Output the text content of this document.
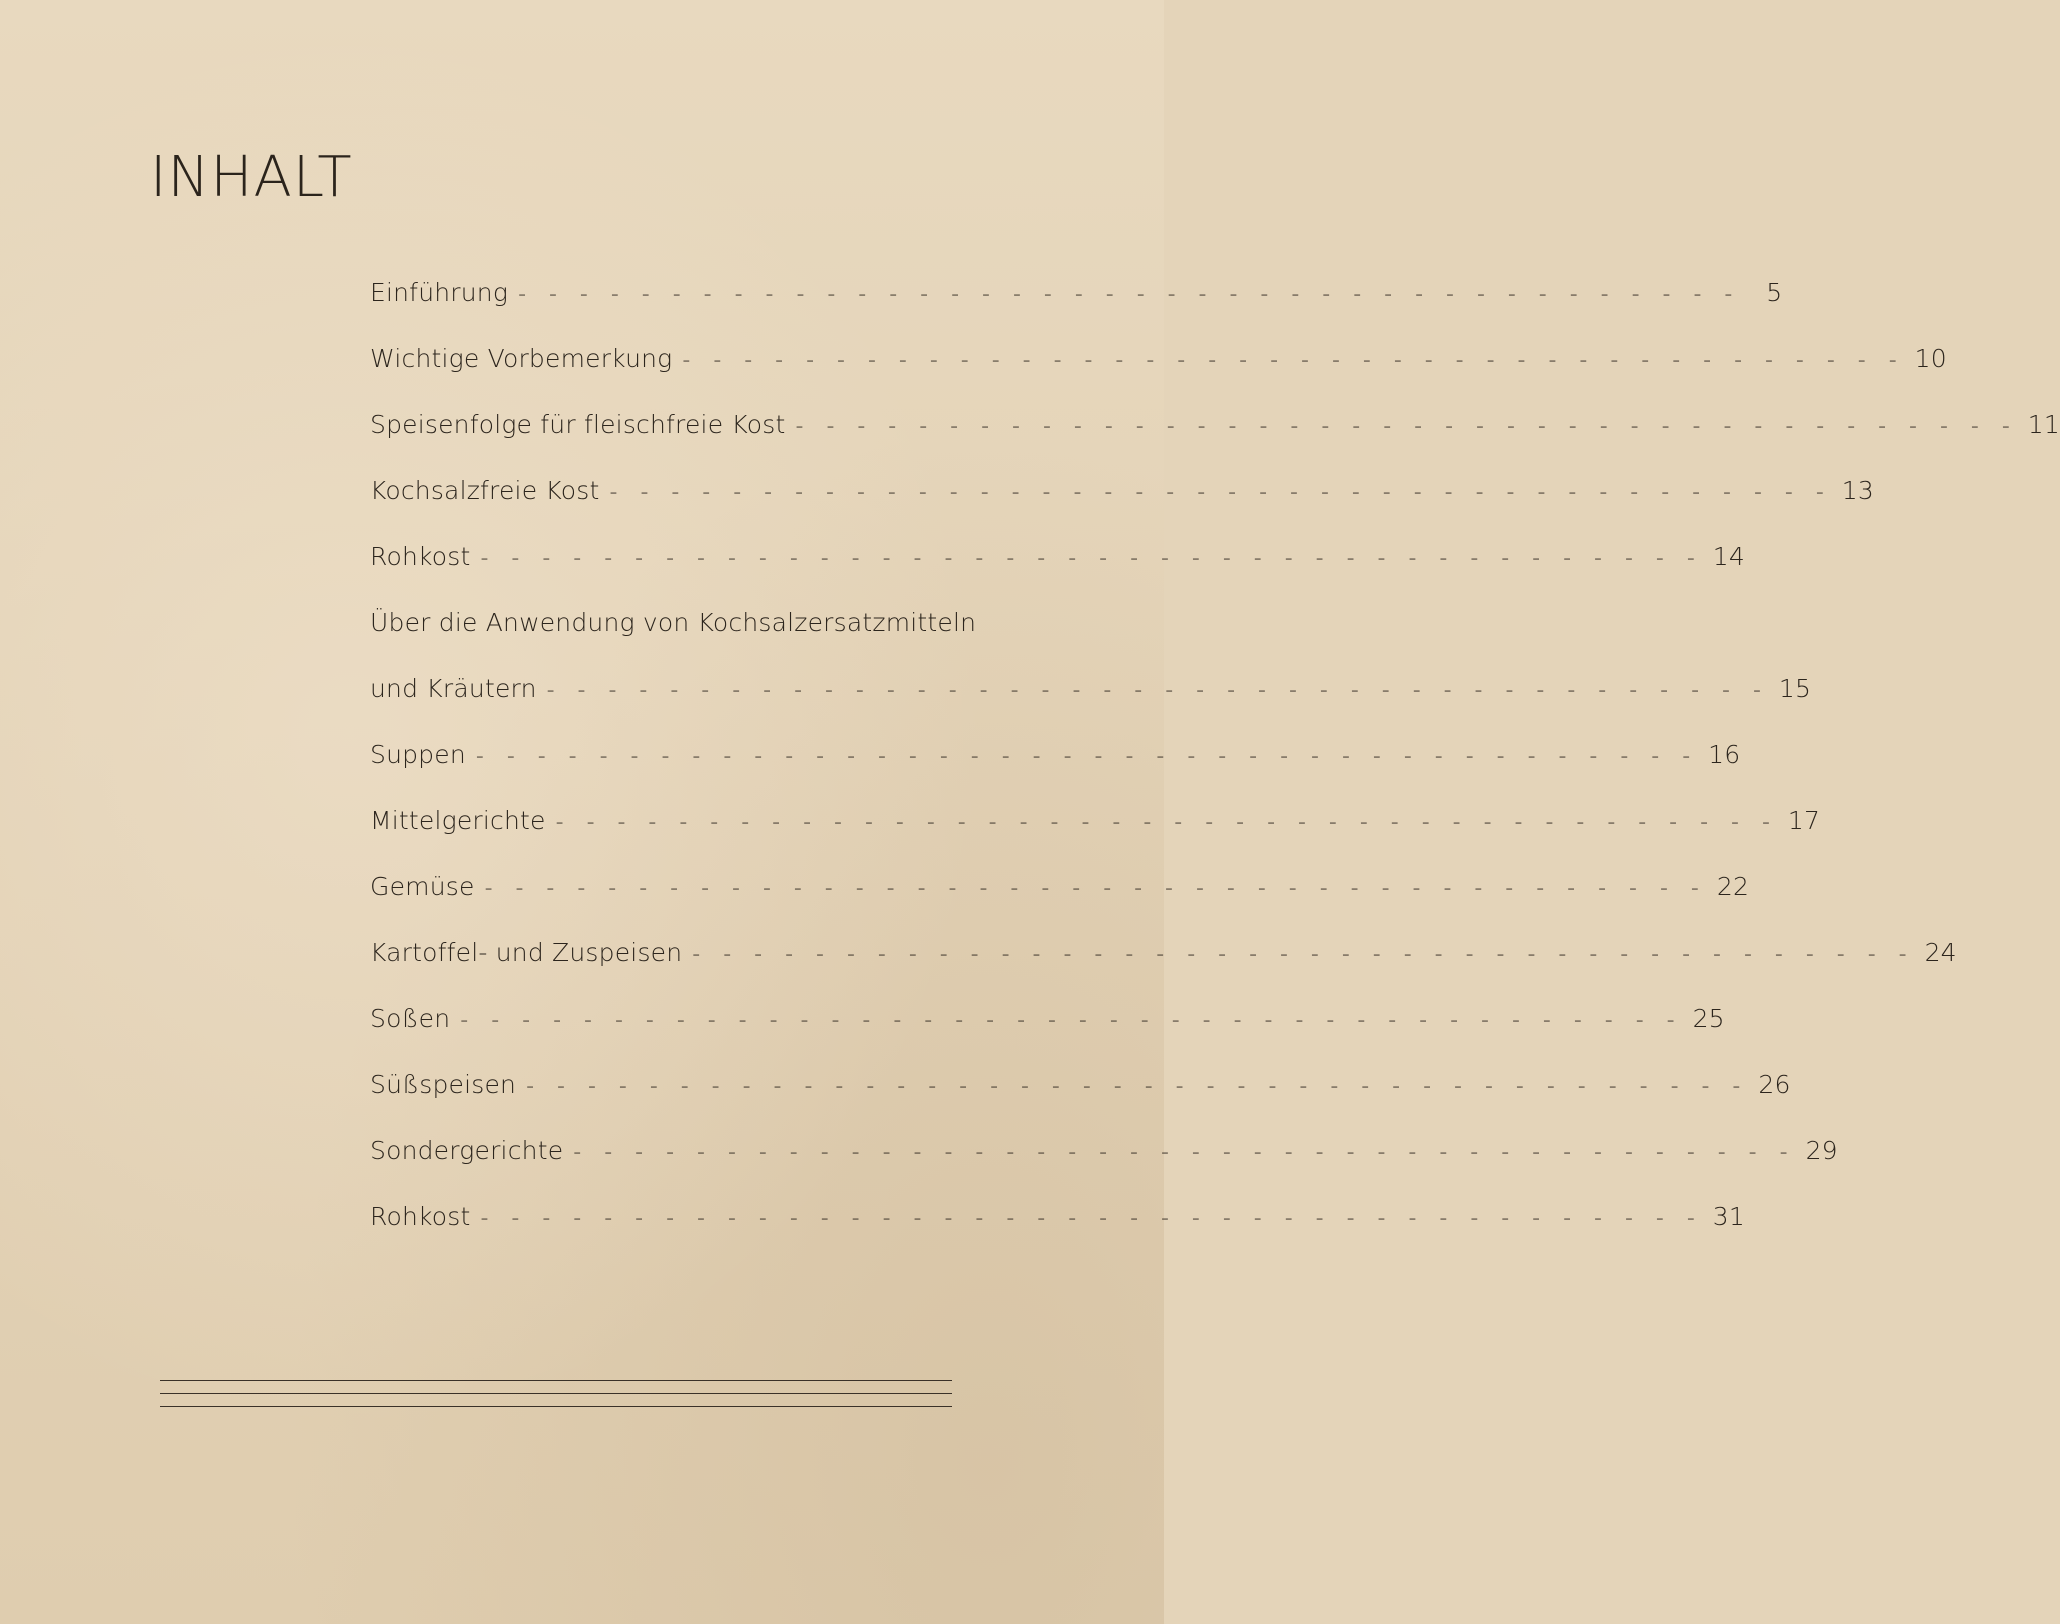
INHALT
Einführung - - - - - - - - - - - - - - - - - - - - - - - - - - - - - - - - - - - - - - - -	5
Wichtige Vorbemerkung - - - - - - - - - - - - - - - - - - - - - - - - - - - - - - - - - - - - - - - - 10
Speisenfolge für fleischfreie Kost - - - - - - - - - - - - - - - - - - - - - - - - - - - - - - - - - - - - - - - - 11
Kochsalzfreie Kost - - - - - - - - - - - - - - - - - - - - - - - - - - - - - - - - - - - - - - - - 13
Rohkost - - - - - - - - - - - - - - - - - - - - - - - - - - - - - - - - - - - - - - - - 14
Über die Anwendung von Kochsalzersatzmitteln
und Kräutern - - - - - - - - - - - - - - - - - - - - - - - - - - - - - - - - - - - - - - - - 15
Suppen - - - - - - - - - - - - - - - - - - - - - - - - - - - - - - - - - - - - - - - - 16
Mittelgerichte - - - - - - - - - - - - - - - - - - - - - - - - - - - - - - - - - - - - - - - - 17
Gemüse - - - - - - - - - - - - - - - - - - - - - - - - - - - - - - - - - - - - - - - - 22
Kartoffel- und Zuspeisen - - - - - - - - - - - - - - - - - - - - - - - - - - - - - - - - - - - - - - - - 24
Soßen - - - - - - - - - - - - - - - - - - - - - - - - - - - - - - - - - - - - - - - - 25
Süßspeisen - - - - - - - - - - - - - - - - - - - - - - - - - - - - - - - - - - - - - - - - 26
Sondergerichte - - - - - - - - - - - - - - - - - - - - - - - - - - - - - - - - - - - - - - - - 29
Rohkost - - - - - - - - - - - - - - - - - - - - - - - - - - - - - - - - - - - - - - - - 31
